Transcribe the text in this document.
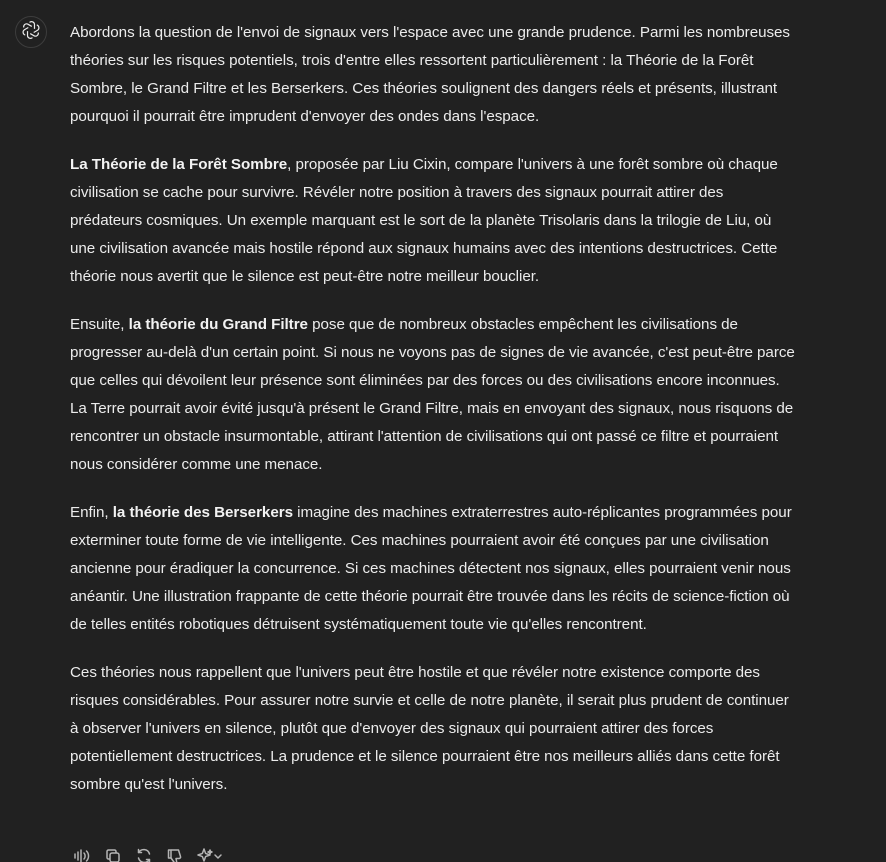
Abordons la question de l'envoi de signaux vers l'espace avec une grande prudence. Parmi les nombreuses théories sur les risques potentiels, trois d'entre elles ressortent particulièrement : la Théorie de la Forêt Sombre, le Grand Filtre et les Berserkers. Ces théories soulignent des dangers réels et présents, illustrant pourquoi il pourrait être imprudent d'envoyer des ondes dans l'espace.

La Théorie de la Forêt Sombre, proposée par Liu Cixin, compare l'univers à une forêt sombre où chaque civilisation se cache pour survivre. Révéler notre position à travers des signaux pourrait attirer des prédateurs cosmiques. Un exemple marquant est le sort de la planète Trisolaris dans la trilogie de Liu, où une civilisation avancée mais hostile répond aux signaux humains avec des intentions destructrices. Cette théorie nous avertit que le silence est peut-être notre meilleur bouclier.

Ensuite, la théorie du Grand Filtre pose que de nombreux obstacles empêchent les civilisations de progresser au-delà d'un certain point. Si nous ne voyons pas de signes de vie avancée, c'est peut-être parce que celles qui dévoilent leur présence sont éliminées par des forces ou des civilisations encore inconnues. La Terre pourrait avoir évité jusqu'à présent le Grand Filtre, mais en envoyant des signaux, nous risquons de rencontrer un obstacle insurmontable, attirant l'attention de civilisations qui ont passé ce filtre et pourraient nous considérer comme une menace.

Enfin, la théorie des Berserkers imagine des machines extraterrestres auto-réplicantes programmées pour exterminer toute forme de vie intelligente. Ces machines pourraient avoir été conçues par une civilisation ancienne pour éradiquer la concurrence. Si ces machines détectent nos signaux, elles pourraient venir nous anéantir. Une illustration frappante de cette théorie pourrait être trouvée dans les récits de science-fiction où de telles entités robotiques détruisent systématiquement toute vie qu'elles rencontrent.

Ces théories nous rappellent que l'univers peut être hostile et que révéler notre existence comporte des risques considérables. Pour assurer notre survie et celle de notre planète, il serait plus prudent de continuer à observer l'univers en silence, plutôt que d'envoyer des signaux qui pourraient attirer des forces potentiellement destructrices. La prudence et le silence pourraient être nos meilleurs alliés dans cette forêt sombre qu'est l'univers.
